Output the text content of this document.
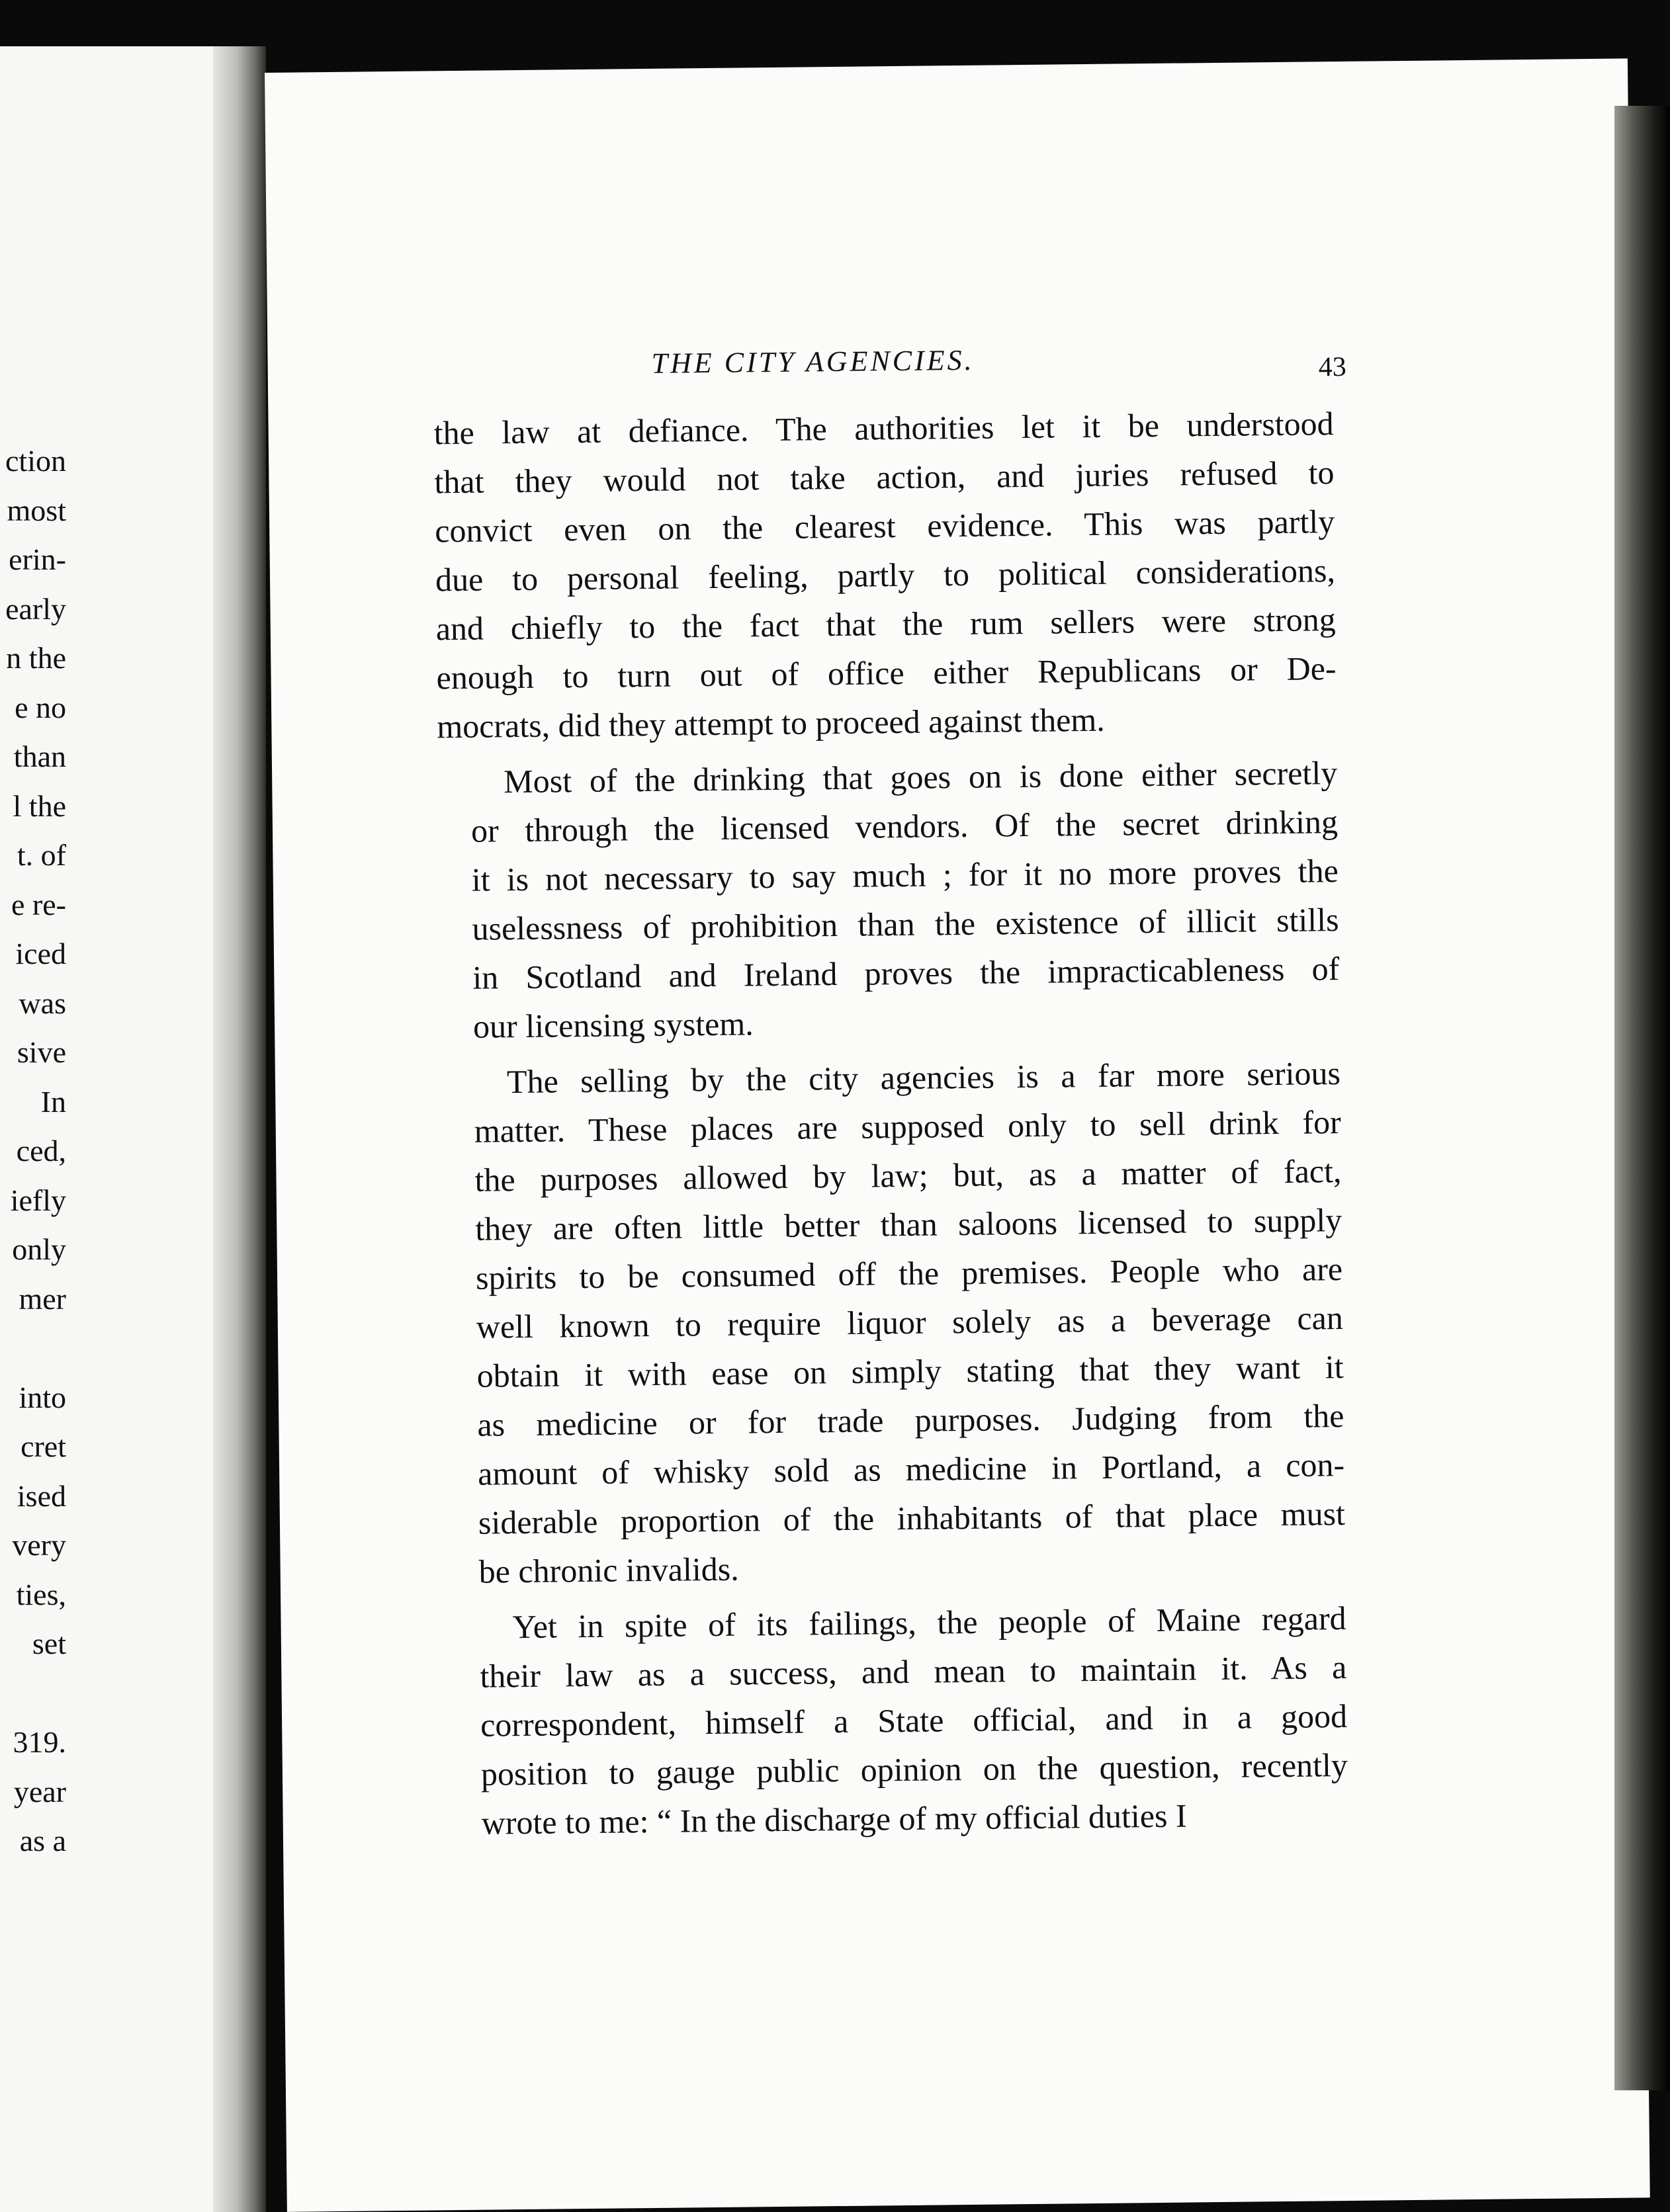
ction
most
erin-
early
n the
e no
than
l the
t. of
e re-
iced
was
sive
In
ced,
iefly
only
mer
into
cret
ised
very
ties,
set
319.
year
as a
THE CITY AGENCIES.	43
the law at defiance. The authorities let it be understood
that they would not take action, and juries refused to
convict even on the clearest evidence. This was partly
due to personal feeling, partly to political considerations,
and chiefly to the fact that the rum sellers were strong
enough to turn out of office either Republicans or De-
mocrats, did they attempt to proceed against them.
Most of the drinking that goes on is done either secretly
or through the licensed vendors. Of the secret drinking
it is not necessary to say much ; for it no more proves the
uselessness of prohibition than the existence of illicit stills
in Scotland and Ireland proves the impracticableness of
our licensing system.
The selling by the city agencies is a far more serious
matter. These places are supposed only to sell drink for
the purposes allowed by law; but, as a matter of fact,
they are often little better than saloons licensed to supply
spirits to be consumed off the premises. People who are
well known to require liquor solely as a beverage can
obtain it with ease on simply stating that they want it
as medicine or for trade purposes. Judging from the
amount of whisky sold as medicine in Portland, a con-
siderable proportion of the inhabitants of that place must
be chronic invalids.
Yet in spite of its failings, the people of Maine regard
their law as a success, and mean to maintain it. As a
correspondent, himself a State official, and in a good
position to gauge public opinion on the question, recently
wrote to me: “ In the discharge of my official duties I
